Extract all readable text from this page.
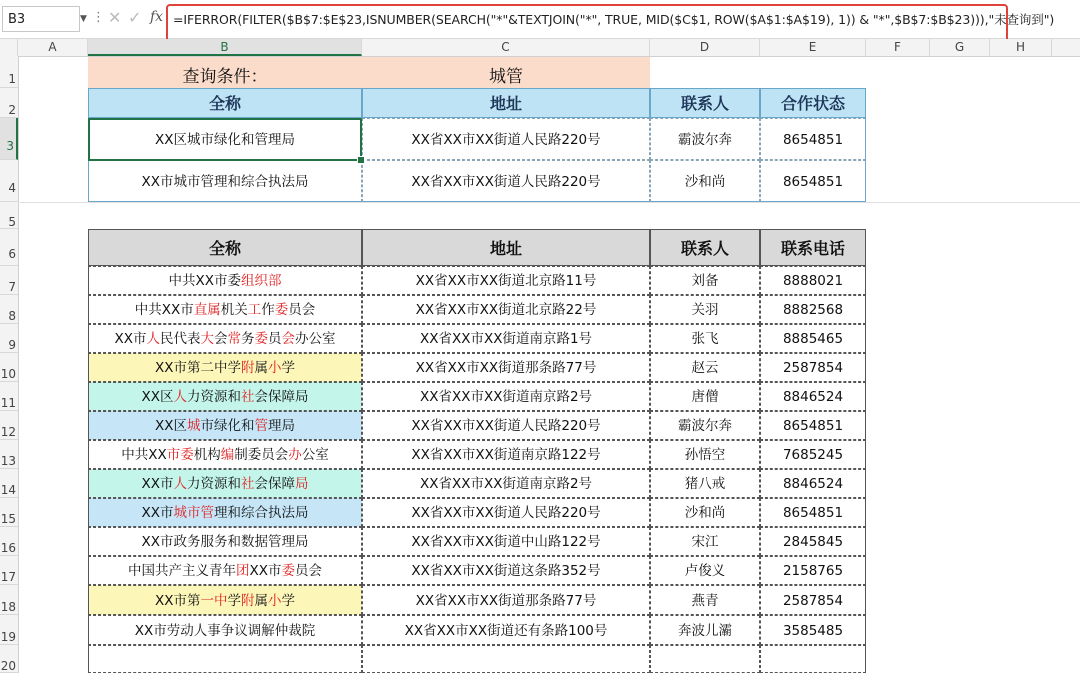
B3	▼ ⋮ ✕ ✓ fx =IFERROR(FILTER($B$7:$E$23,ISNUMBER(SEARCH("*"&TEXTJOIN("*", TRUE, MID($C$1, ROW($A$1:$A$19), 1)) & "*",$B$7:$B$23))),"未查询到")
A	B	C	D	E	F	G	H
1
2
3
4
5
6
7
8
9
10
11
12
13
14
15
16
17
18
19
20
查询条件：	城管
全称	地址	联系人	合作状态
XX区城市绿化和管理局	XX省XX市XX街道人民路220号	霸波尔奔	8654851
XX市城市管理和综合执法局	XX省XX市XX街道人民路220号	沙和尚	8654851
全称	地址	联系人	联系电话
中共XX市委组织部	XX省XX市XX街道北京路11号	刘备	8888021
中共XX市直属机关工作委员会	XX省XX市XX街道北京路22号	关羽	8882568
XX市人民代表大会常务委员会办公室	XX省XX市XX街道南京路1号	张飞	8885465
XX市第二中学附属小学	XX省XX市XX街道那条路77号	赵云	2587854
XX区人力资源和社会保障局	XX省XX市XX街道南京路2号	唐僧	8846524
XX区城市绿化和管理局	XX省XX市XX街道人民路220号	霸波尔奔	8654851
中共XX市委机构编制委员会办公室	XX省XX市XX街道南京路122号	孙悟空	7685245
XX市人力资源和社会保障局	XX省XX市XX街道南京路2号	猪八戒	8846524
XX市城市管理和综合执法局	XX省XX市XX街道人民路220号	沙和尚	8654851
XX市政务服务和数据管理局	XX省XX市XX街道中山路122号	宋江	2845845
中国共产主义青年团XX市委员会	XX省XX市XX街道这条路352号	卢俊义	2158765
XX市第一中学附属小学	XX省XX市XX街道那条路77号	燕青	2587854
XX市劳动人事争议调解仲裁院	XX省XX市XX街道还有条路100号	奔波儿灞	3585485
